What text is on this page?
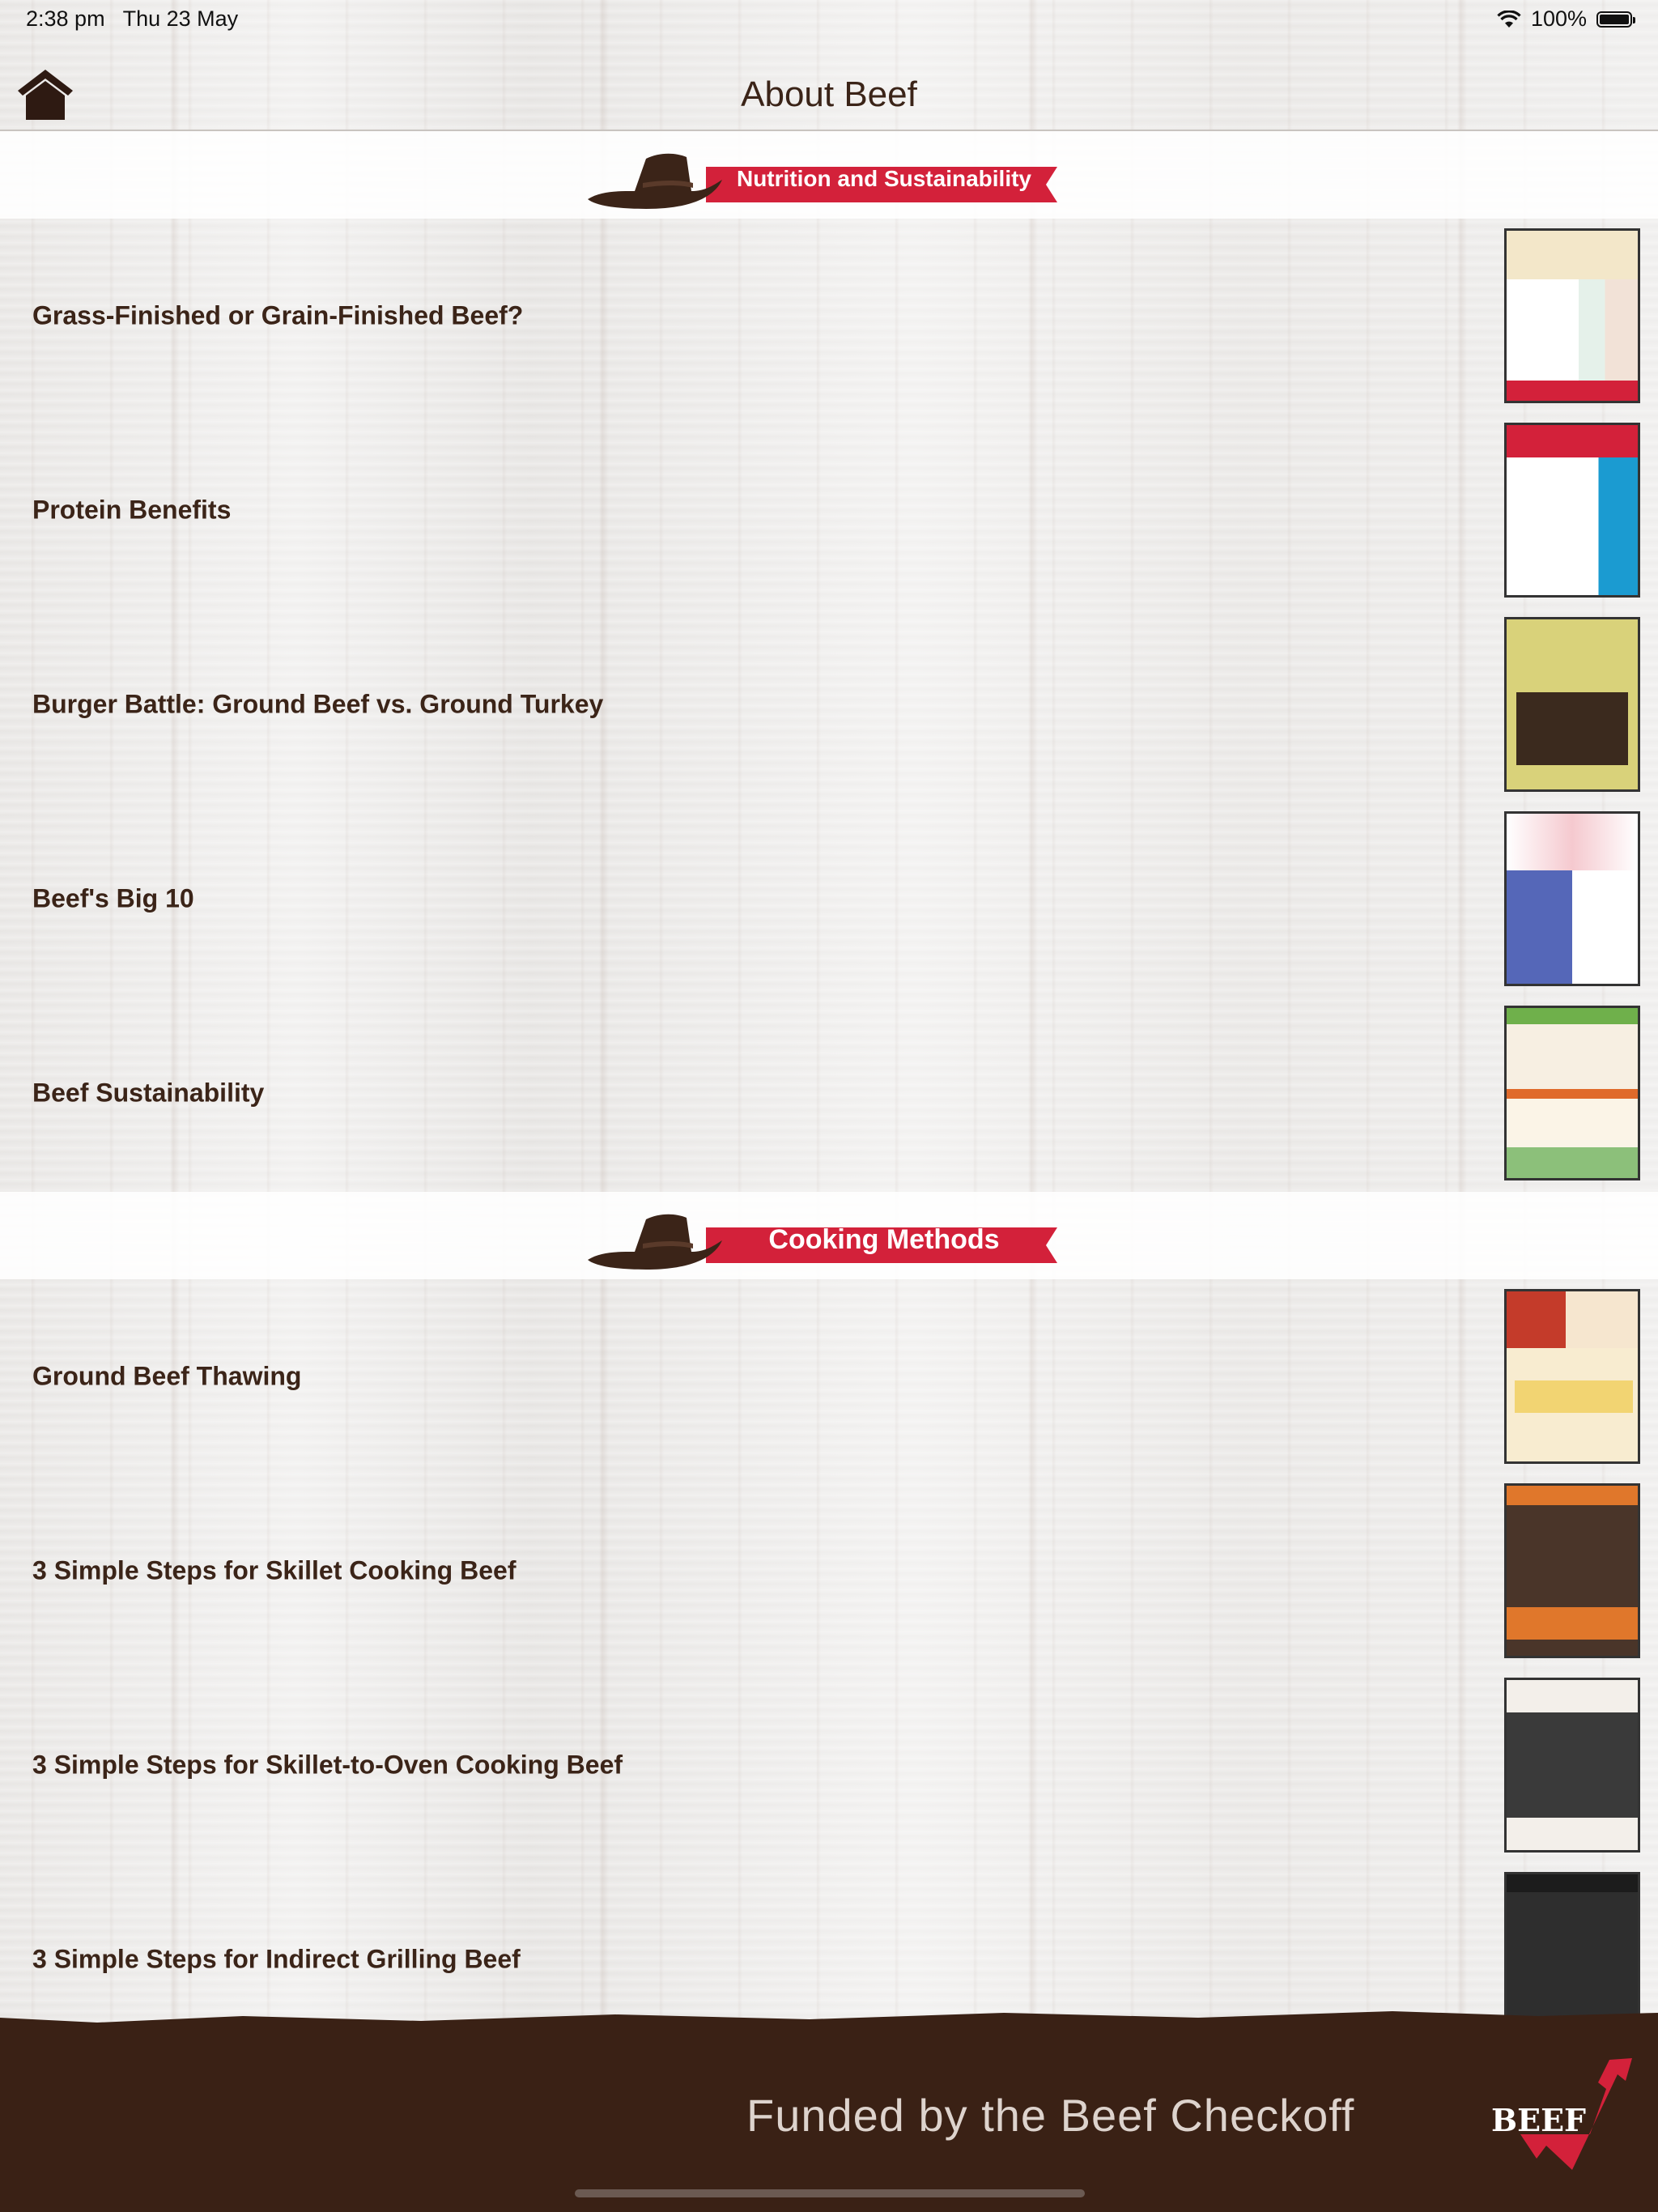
2:38 pm Thu 23 May	100%
About Beef
Nutrition and Sustainability
Grass-Finished or Grain-Finished Beef?
Protein Benefits
Burger Battle: Ground Beef vs. Ground Turkey
Beef's Big 10
Beef Sustainability
Cooking Methods
Ground Beef Thawing
3 Simple Steps for Skillet Cooking Beef
3 Simple Steps for Skillet-to-Oven Cooking Beef
3 Simple Steps for Indirect Grilling Beef
Funded by the Beef Checkoff	BEEF
